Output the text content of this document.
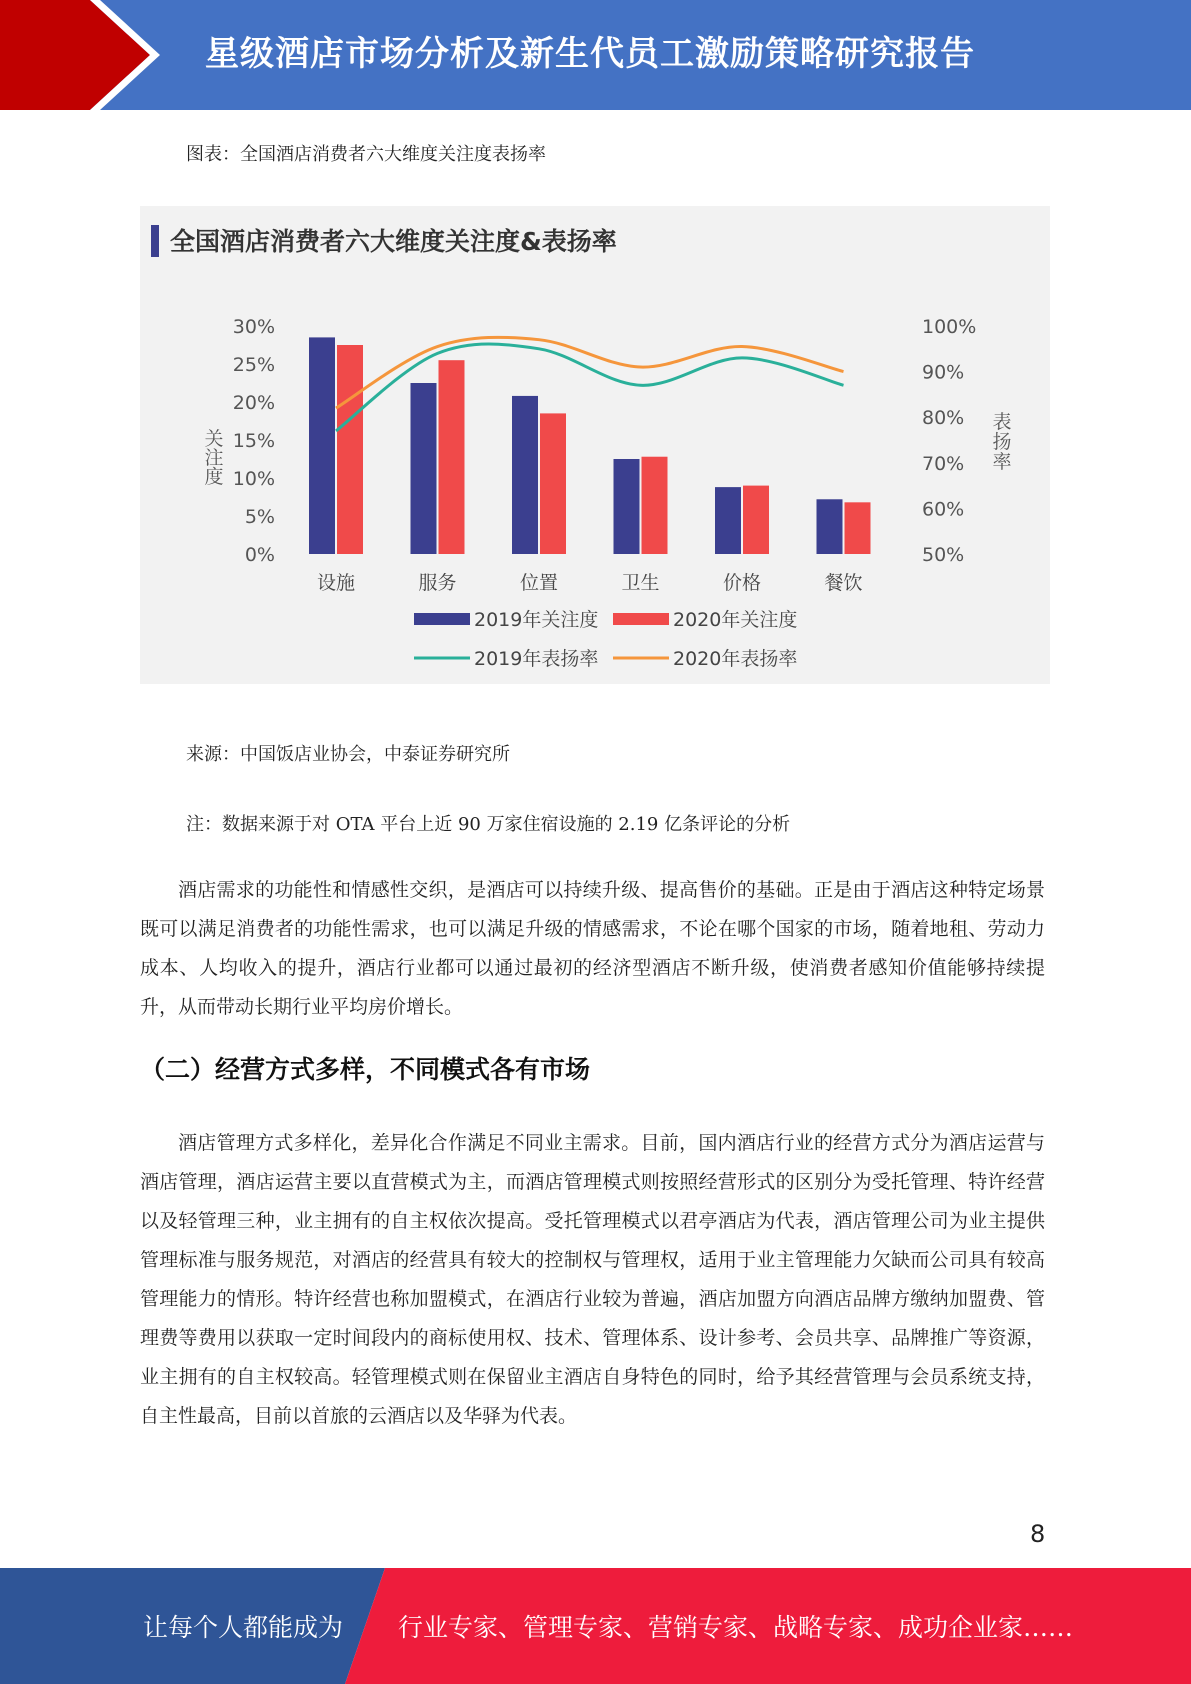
星级酒店市场分析及新生代员工激励策略研究报告
图表：全国酒店消费者六大维度关注度表扬率
全国酒店消费者六大维度关注度&表扬率
0%
5%
10%
15%
20%
25%
30%
50%
60%
70%
80%
90%
100%
关注度
表扬率
设施	服务	位置	卫生	价格	餐饮
2019年关注度	2020年关注度
2019年表扬率	2020年表扬率
来源：中国饭店业协会，中泰证券研究所
注：数据来源于对 OTA 平台上近 90 万家住宿设施的 2.19 亿条评论的分析

酒店需求的功能性和情感性交织，是酒店可以持续升级、提高售价的基础。正是由于酒店这种特定场景既可以满足消费者的功能性需求，也可以满足升级的情感需求，不论在哪个国家的市场，随着地租、劳动力成本、人均收入的提升，酒店行业都可以通过最初的经济型酒店不断升级，使消费者感知价值能够持续提升，从而带动长期行业平均房价增长。

（二）经营方式多样，不同模式各有市场

酒店管理方式多样化，差异化合作满足不同业主需求。目前，国内酒店行业的经营方式分为酒店运营与酒店管理，酒店运营主要以直营模式为主，而酒店管理模式则按照经营形式的区别分为受托管理、特许经营以及轻管理三种，业主拥有的自主权依次提高。受托管理模式以君亭酒店为代表，酒店管理公司为业主提供管理标准与服务规范，对酒店的经营具有较大的控制权与管理权，适用于业主管理能力欠缺而公司具有较高管理能力的情形。特许经营也称加盟模式，在酒店行业较为普遍，酒店加盟方向酒店品牌方缴纳加盟费、管理费等费用以获取一定时间段内的商标使用权、技术、管理体系、设计参考、会员共享、品牌推广等资源，业主拥有的自主权较高。轻管理模式则在保留业主酒店自身特色的同时，给予其经营管理与会员系统支持，自主性最高，目前以首旅的云酒店以及华驿为代表。

8
让每个人都能成为 行业专家、管理专家、营销专家、战略专家、成功企业家……
